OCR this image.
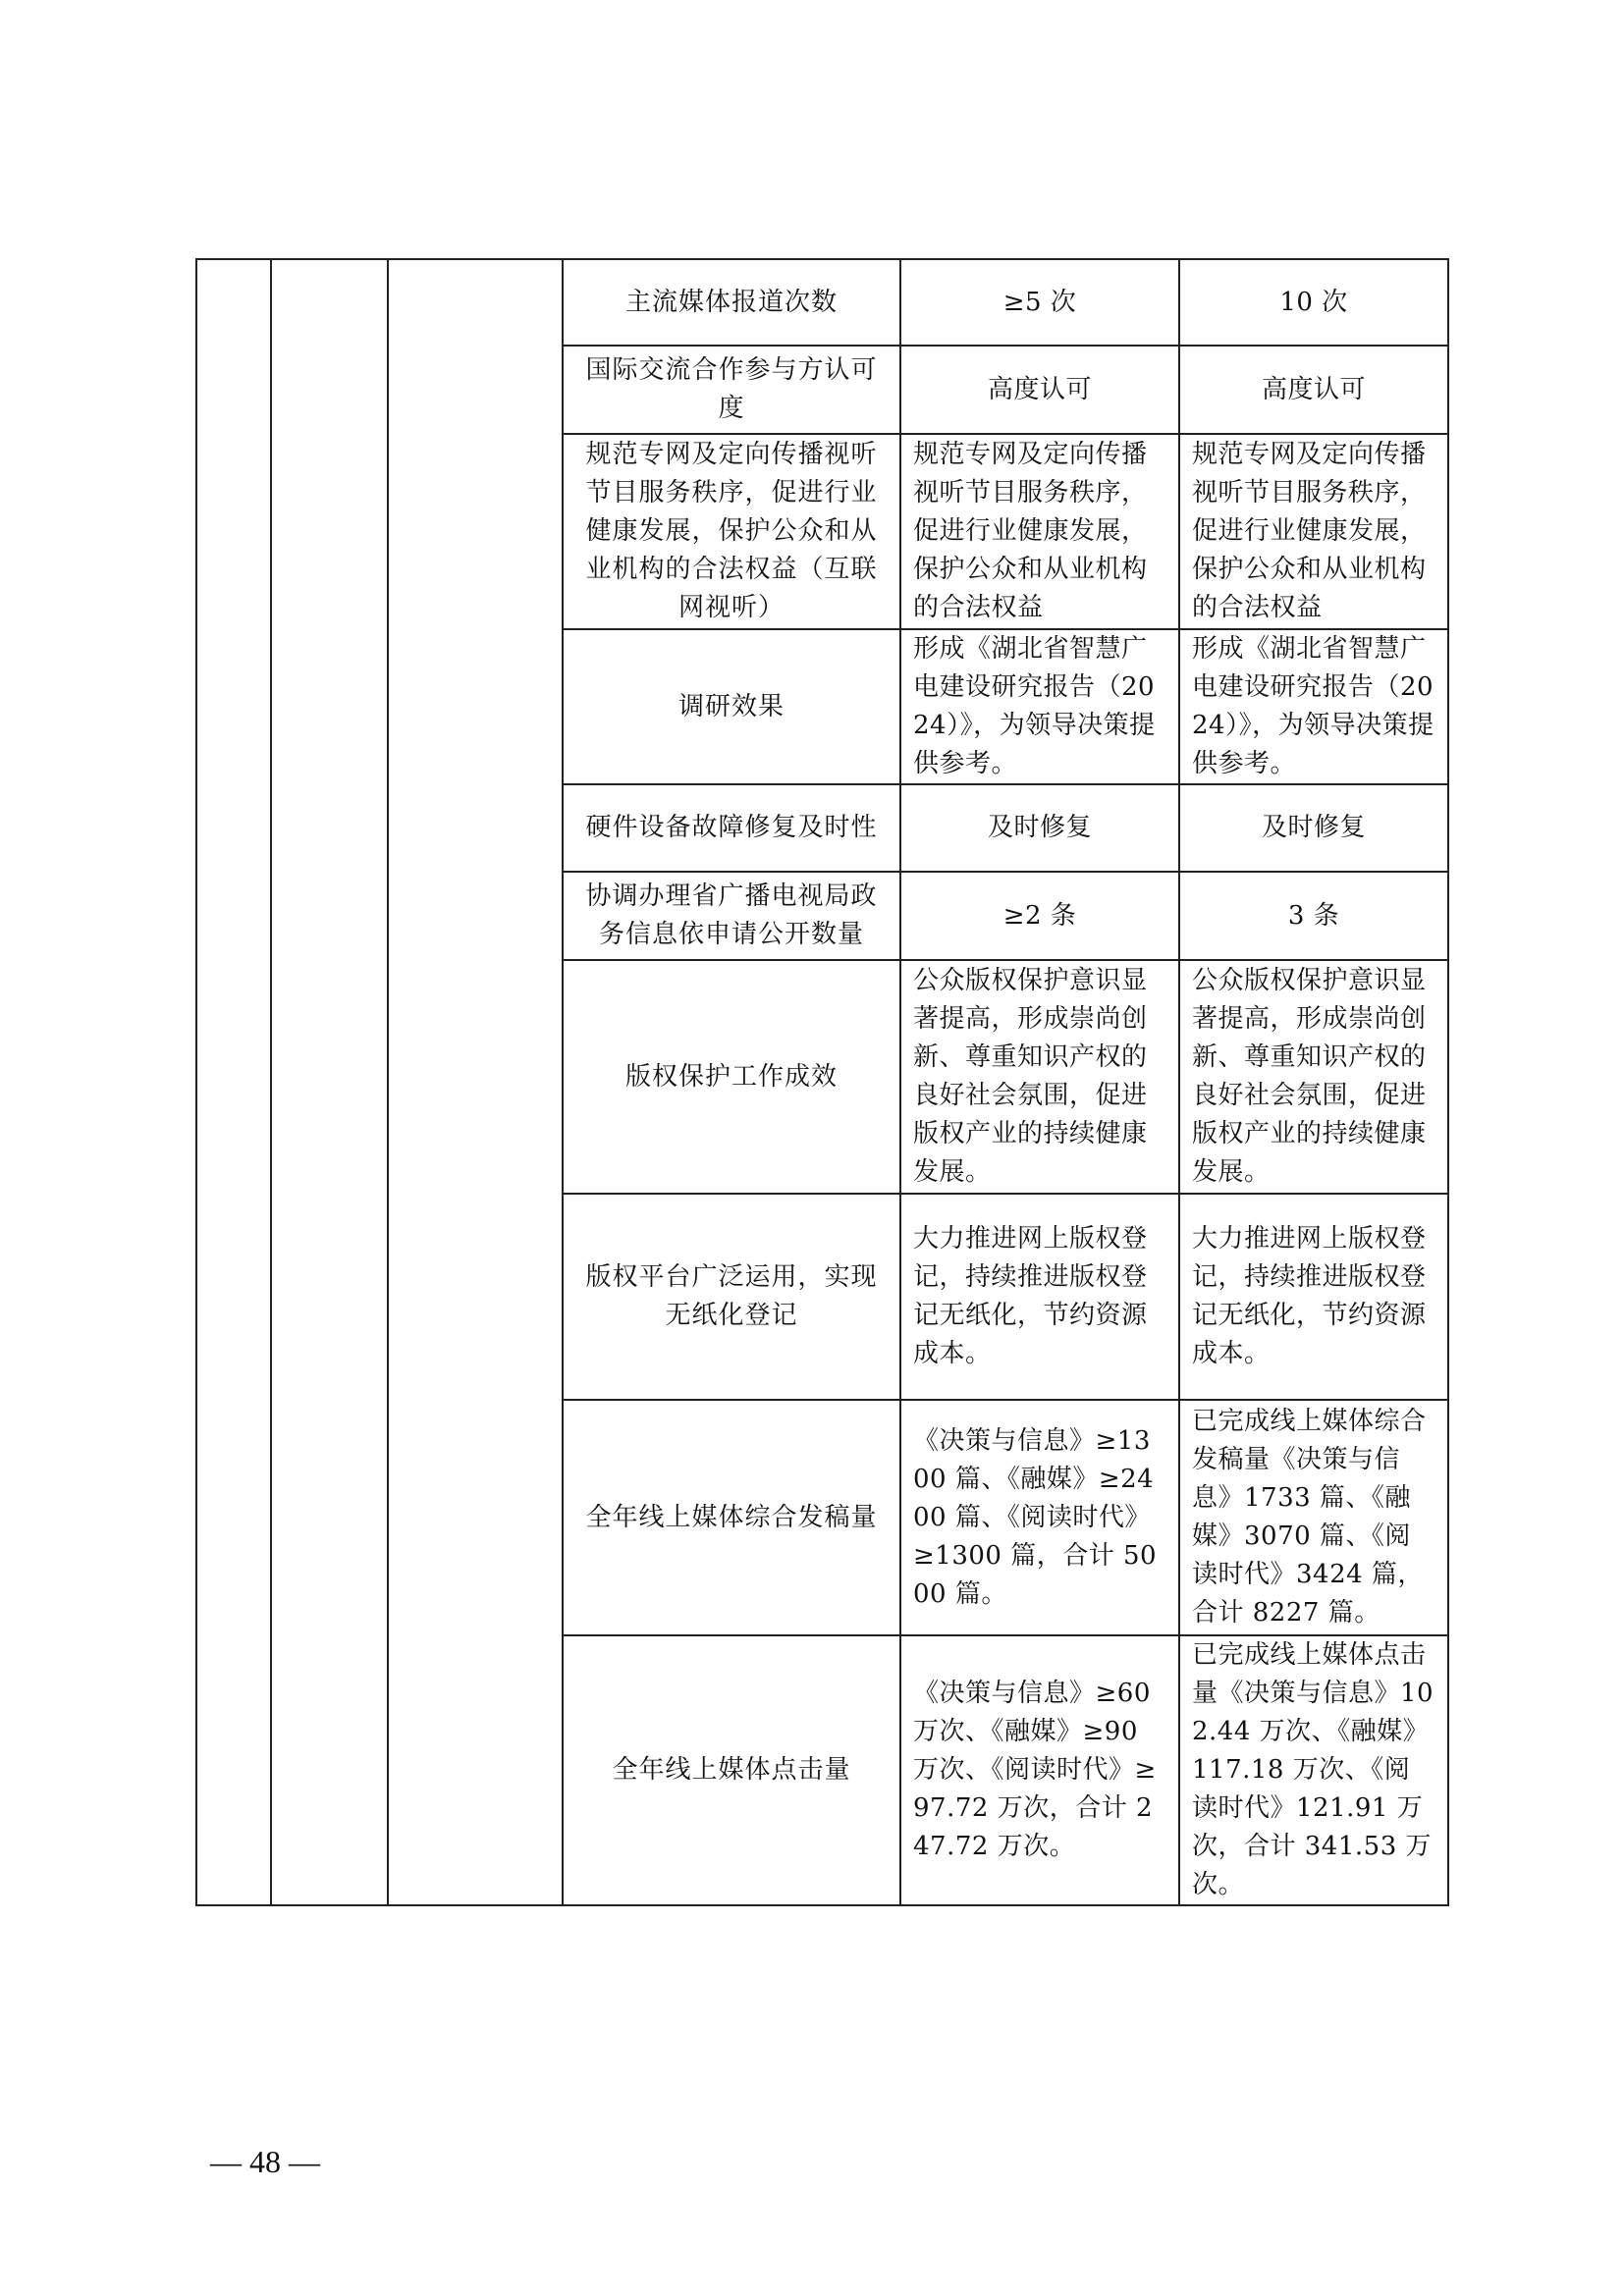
			主流媒体报道次数	≥5 次	10 次
			国际交流合作参与方认可度	高度认可	高度认可
			规范专网及定向传播视听节目服务秩序，促进行业健康发展，保护公众和从业机构的合法权益（互联网视听）	规范专网及定向传播视听节目服务秩序，促进行业健康发展，保护公众和从业机构的合法权益	规范专网及定向传播视听节目服务秩序，促进行业健康发展，保护公众和从业机构的合法权益
			调研效果	形成《湖北省智慧广电建设研究报告（2024）》，为领导决策提供参考。	形成《湖北省智慧广电建设研究报告（2024）》，为领导决策提供参考。
			硬件设备故障修复及时性	及时修复	及时修复
			协调办理省广播电视局政务信息依申请公开数量	≥2 条	3 条
			版权保护工作成效	公众版权保护意识显著提高，形成崇尚创新、尊重知识产权的良好社会氛围，促进版权产业的持续健康发展。	公众版权保护意识显著提高，形成崇尚创新、尊重知识产权的良好社会氛围，促进版权产业的持续健康发展。
			版权平台广泛运用，实现无纸化登记	大力推进网上版权登记，持续推进版权登记无纸化，节约资源成本。	大力推进网上版权登记，持续推进版权登记无纸化，节约资源成本。
			全年线上媒体综合发稿量	《决策与信息》≥1300 篇、《融媒》≥2400 篇、《阅读时代》≥1300 篇，合计 5000 篇。	已完成线上媒体综合发稿量《决策与信息》1733 篇、《融媒》3070 篇、《阅读时代》3424 篇，合计 8227 篇。
			全年线上媒体点击量	《决策与信息》≥60 万次、《融媒》≥90 万次、《阅读时代》≥97.72 万次，合计 247.72 万次。	已完成线上媒体点击量《决策与信息》102.44 万次、《融媒》117.18 万次、《阅读时代》121.91 万次，合计 341.53 万次。
— 48 —
